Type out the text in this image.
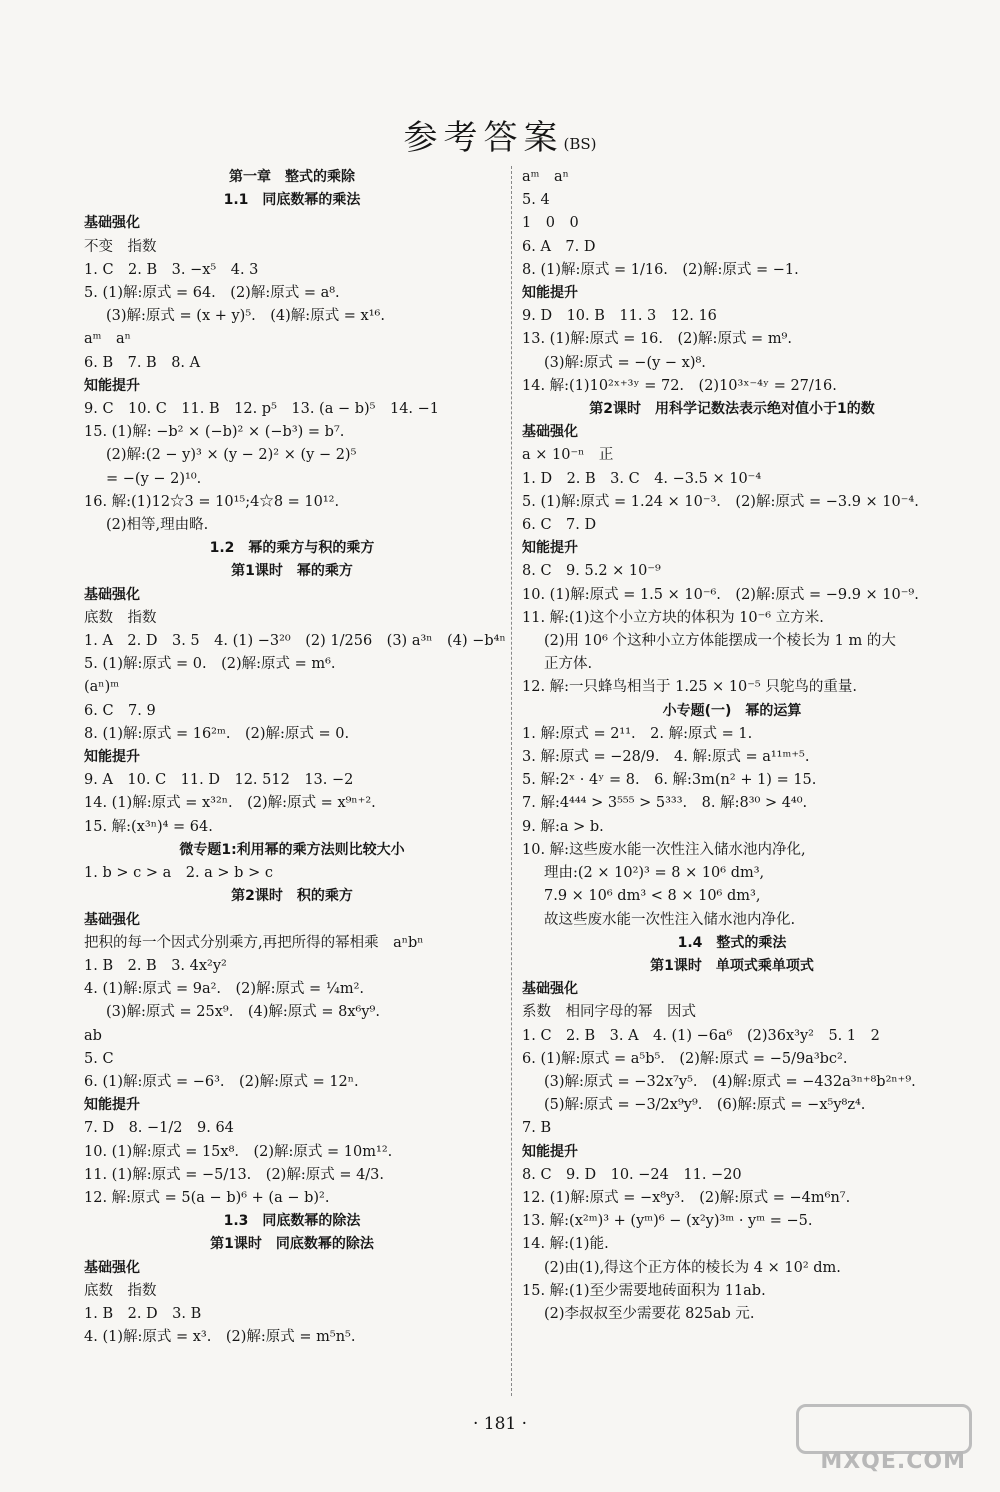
参考答案(BS)
第一章　整式的乘除
1.1　同底数幂的乘法
基础强化
不变　指数
1. C　2. B　3. −x⁵　4. 3
5. (1)解:原式 = 64.　(2)解:原式 = a⁸.
(3)解:原式 = (x + y)⁵.　(4)解:原式 = x¹⁶.
aᵐ　aⁿ
6. B　7. B　8. A
知能提升
9. C　10. C　11. B　12. p⁵　13. (a − b)⁵　14. −1
15. (1)解: −b² × (−b)² × (−b³) = b⁷.
(2)解:(2 − y)³ × (y − 2)² × (y − 2)⁵
= −(y − 2)¹⁰.
16. 解:(1)12☆3 = 10¹⁵;4☆8 = 10¹².
(2)相等,理由略.
1.2　幂的乘方与积的乘方
第1课时　幂的乘方
基础强化
底数　指数
1. A　2. D　3. 5　4. (1) −3²⁰　(2) 1/256　(3) a³ⁿ　(4) −b⁴ⁿ
5. (1)解:原式 = 0.　(2)解:原式 = m⁶.
(aⁿ)ᵐ
6. C　7. 9
8. (1)解:原式 = 16²ᵐ.　(2)解:原式 = 0.
知能提升
9. A　10. C　11. D　12. 512　13. −2
14. (1)解:原式 = x³²ⁿ.　(2)解:原式 = x⁹ⁿ⁺².
15. 解:(x³ⁿ)⁴ = 64.
微专题1:利用幂的乘方法则比较大小
1. b > c > a　2. a > b > c
第2课时　积的乘方
基础强化
把积的每一个因式分别乘方,再把所得的幂相乘　aⁿbⁿ
1. B　2. B　3. 4x²y²
4. (1)解:原式 = 9a².　(2)解:原式 = ¼m².
(3)解:原式 = 25x⁹.　(4)解:原式 = 8x⁶y⁹.
ab
5. C
6. (1)解:原式 = −6³.　(2)解:原式 = 12ⁿ.
知能提升
7. D　8. −1/2　9. 64
10. (1)解:原式 = 15x⁸.　(2)解:原式 = 10m¹².
11. (1)解:原式 = −5/13.　(2)解:原式 = 4/3.
12. 解:原式 = 5(a − b)⁶ + (a − b)².
1.3　同底数幂的除法
第1课时　同底数幂的除法
基础强化
底数　指数
1. B　2. D　3. B
4. (1)解:原式 = x³.　(2)解:原式 = m⁵n⁵.
aᵐ　aⁿ
5. 4
1　0　0
6. A　7. D
8. (1)解:原式 = 1/16.　(2)解:原式 = −1.
知能提升
9. D　10. B　11. 3　12. 16
13. (1)解:原式 = 16.　(2)解:原式 = m⁹.
(3)解:原式 = −(y − x)⁸.
14. 解:(1)10²ˣ⁺³ʸ = 72.　(2)10³ˣ⁻⁴ʸ = 27/16.
第2课时　用科学记数法表示绝对值小于1的数
基础强化
a × 10⁻ⁿ　正
1. D　2. B　3. C　4. −3.5 × 10⁻⁴
5. (1)解:原式 = 1.24 × 10⁻³.　(2)解:原式 = −3.9 × 10⁻⁴.
6. C　7. D
知能提升
8. C　9. 5.2 × 10⁻⁹
10. (1)解:原式 = 1.5 × 10⁻⁶.　(2)解:原式 = −9.9 × 10⁻⁹.
11. 解:(1)这个小立方块的体积为 10⁻⁶ 立方米.
(2)用 10⁶ 个这种小立方体能摆成一个棱长为 1 m 的大
正方体.
12. 解:一只蜂鸟相当于 1.25 × 10⁻⁵ 只鸵鸟的重量.
小专题(一)　幂的运算
1. 解:原式 = 2¹¹.　2. 解:原式 = 1.
3. 解:原式 = −28/9.　4. 解:原式 = a¹¹ᵐ⁺⁵.
5. 解:2ˣ · 4ʸ = 8.　6. 解:3m(n² + 1) = 15.
7. 解:4⁴⁴⁴ > 3⁵⁵⁵ > 5³³³.　8. 解:8³⁰ > 4⁴⁰.
9. 解:a > b.
10. 解:这些废水能一次性注入储水池内净化,
理由:(2 × 10²)³ = 8 × 10⁶ dm³,
7.9 × 10⁶ dm³ < 8 × 10⁶ dm³,
故这些废水能一次性注入储水池内净化.
1.4　整式的乘法
第1课时　单项式乘单项式
基础强化
系数　相同字母的幂　因式
1. C　2. B　3. A　4. (1) −6a⁶　(2)36x³y²　5. 1　2
6. (1)解:原式 = a⁵b⁵.　(2)解:原式 = −5/9a³bc².
(3)解:原式 = −32x⁷y⁵.　(4)解:原式 = −432a³ⁿ⁺⁸b²ⁿ⁺⁹.
(5)解:原式 = −3/2x⁹y⁹.　(6)解:原式 = −x⁵y⁸z⁴.
7. B
知能提升
8. C　9. D　10. −24　11. −20
12. (1)解:原式 = −x⁸y³.　(2)解:原式 = −4m⁶n⁷.
13. 解:(x²ᵐ)³ + (yᵐ)⁶ − (x²y)³ᵐ · yᵐ = −5.
14. 解:(1)能.
(2)由(1),得这个正方体的棱长为 4 × 10² dm.
15. 解:(1)至少需要地砖面积为 11ab.
(2)李叔叔至少需要花 825ab 元.
· 181 ·
MXQE.COM
